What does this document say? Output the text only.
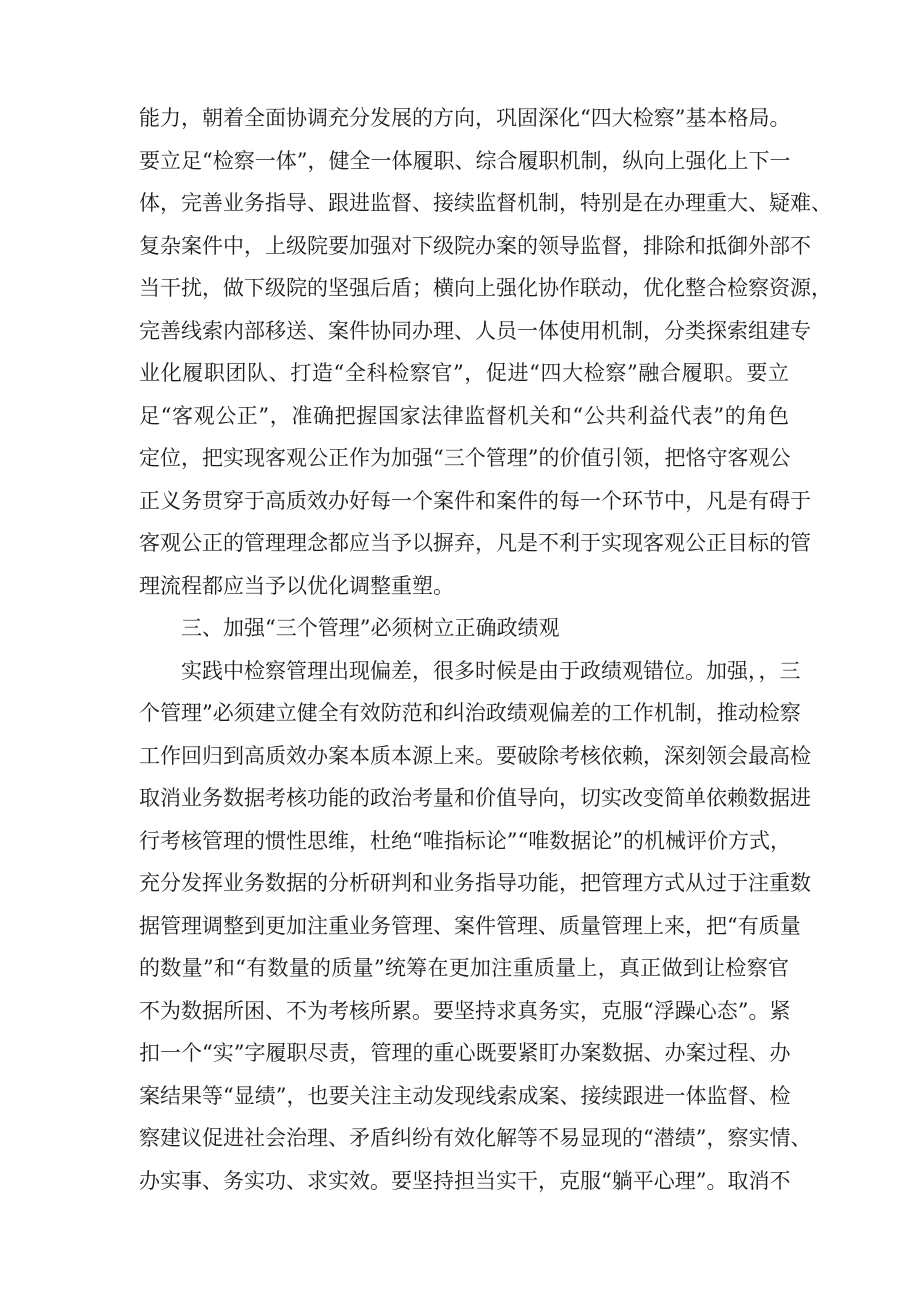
能力，朝着全面协调充分发展的方向，巩固深化“四大检察”基本格局。
要立足“检察一体”，健全一体履职、综合履职机制，纵向上强化上下一
体，完善业务指导、跟进监督、接续监督机制，特别是在办理重大、疑难、
复杂案件中，上级院要加强对下级院办案的领导监督，排除和抵御外部不
当干扰，做下级院的坚强后盾；横向上强化协作联动，优化整合检察资源，
完善线索内部移送、案件协同办理、人员一体使用机制，分类探索组建专
业化履职团队、打造“全科检察官”，促进“四大检察”融合履职。要立
足“客观公正”，准确把握国家法律监督机关和“公共利益代表”的角色
定位，把实现客观公正作为加强“三个管理”的价值引领，把恪守客观公
正义务贯穿于高质效办好每一个案件和案件的每一个环节中，凡是有碍于
客观公正的管理理念都应当予以摒弃，凡是不利于实现客观公正目标的管
理流程都应当予以优化调整重塑。
三、加强“三个管理”必须树立正确政绩观
实践中检察管理出现偏差，很多时候是由于政绩观错位。加强，，三
个管理”必须建立健全有效防范和纠治政绩观偏差的工作机制，推动检察
工作回归到高质效办案本质本源上来。要破除考核依赖，深刻领会最高检
取消业务数据考核功能的政治考量和价值导向，切实改变简单依赖数据进
行考核管理的惯性思维，杜绝“唯指标论”“唯数据论”的机械评价方式，
充分发挥业务数据的分析研判和业务指导功能，把管理方式从过于注重数
据管理调整到更加注重业务管理、案件管理、质量管理上来，把“有质量
的数量”和“有数量的质量”统筹在更加注重质量上，真正做到让检察官
不为数据所困、不为考核所累。要坚持求真务实，克服“浮躁心态”。紧
扣一个“实”字履职尽责，管理的重心既要紧盯办案数据、办案过程、办
案结果等“显绩”，也要关注主动发现线索成案、接续跟进一体监督、检
察建议促进社会治理、矛盾纠纷有效化解等不易显现的“潜绩”，察实情、
办实事、务实功、求实效。要坚持担当实干，克服“躺平心理”。取消不
